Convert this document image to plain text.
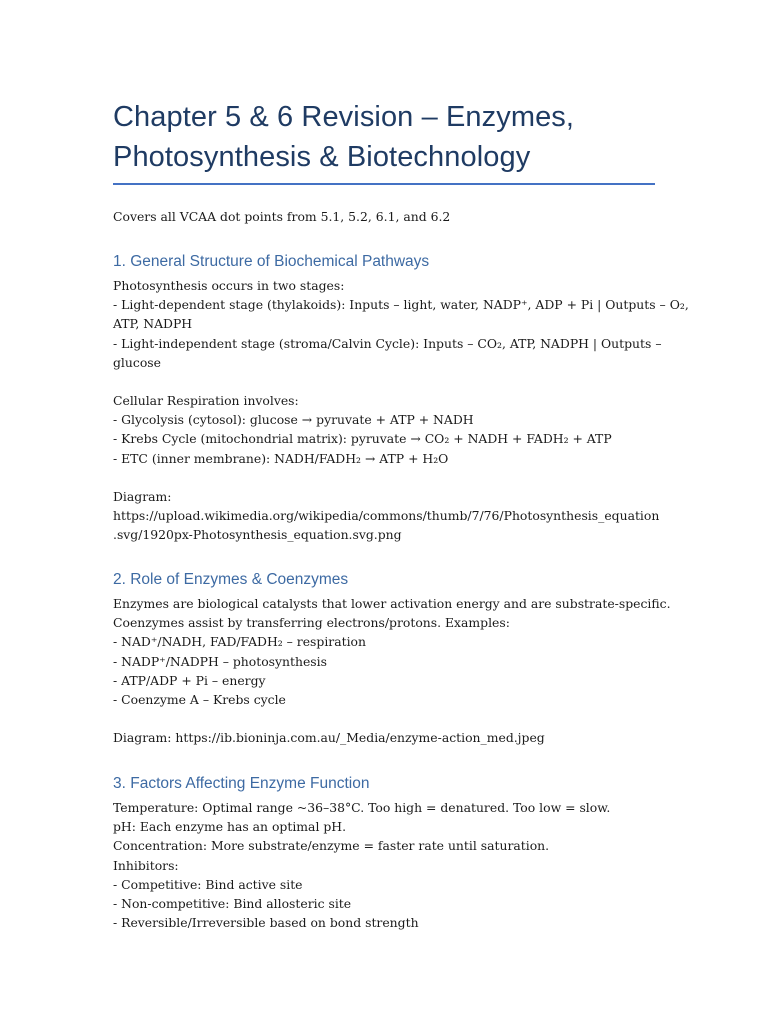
Chapter 5 & 6 Revision – Enzymes,
Photosynthesis & Biotechnology
Covers all VCAA dot points from 5.1, 5.2, 6.1, and 6.2
1. General Structure of Biochemical Pathways
Photosynthesis occurs in two stages:
- Light-dependent stage (thylakoids): Inputs – light, water, NADP⁺, ADP + Pi | Outputs – O₂,
ATP, NADPH
- Light-independent stage (stroma/Calvin Cycle): Inputs – CO₂, ATP, NADPH | Outputs –
glucose
Cellular Respiration involves:
- Glycolysis (cytosol): glucose → pyruvate + ATP + NADH
- Krebs Cycle (mitochondrial matrix): pyruvate → CO₂ + NADH + FADH₂ + ATP
- ETC (inner membrane): NADH/FADH₂ → ATP + H₂O
Diagram:
https://upload.wikimedia.org/wikipedia/commons/thumb/7/76/Photosynthesis_equation
.svg/1920px-Photosynthesis_equation.svg.png
2. Role of Enzymes & Coenzymes
Enzymes are biological catalysts that lower activation energy and are substrate-specific.
Coenzymes assist by transferring electrons/protons. Examples:
- NAD⁺/NADH, FAD/FADH₂ – respiration
- NADP⁺/NADPH – photosynthesis
- ATP/ADP + Pi – energy
- Coenzyme A – Krebs cycle
Diagram: https://ib.bioninja.com.au/_Media/enzyme-action_med.jpeg
3. Factors Affecting Enzyme Function
Temperature: Optimal range ~36–38°C. Too high = denatured. Too low = slow.
pH: Each enzyme has an optimal pH.
Concentration: More substrate/enzyme = faster rate until saturation.
Inhibitors:
- Competitive: Bind active site
- Non-competitive: Bind allosteric site
- Reversible/Irreversible based on bond strength
